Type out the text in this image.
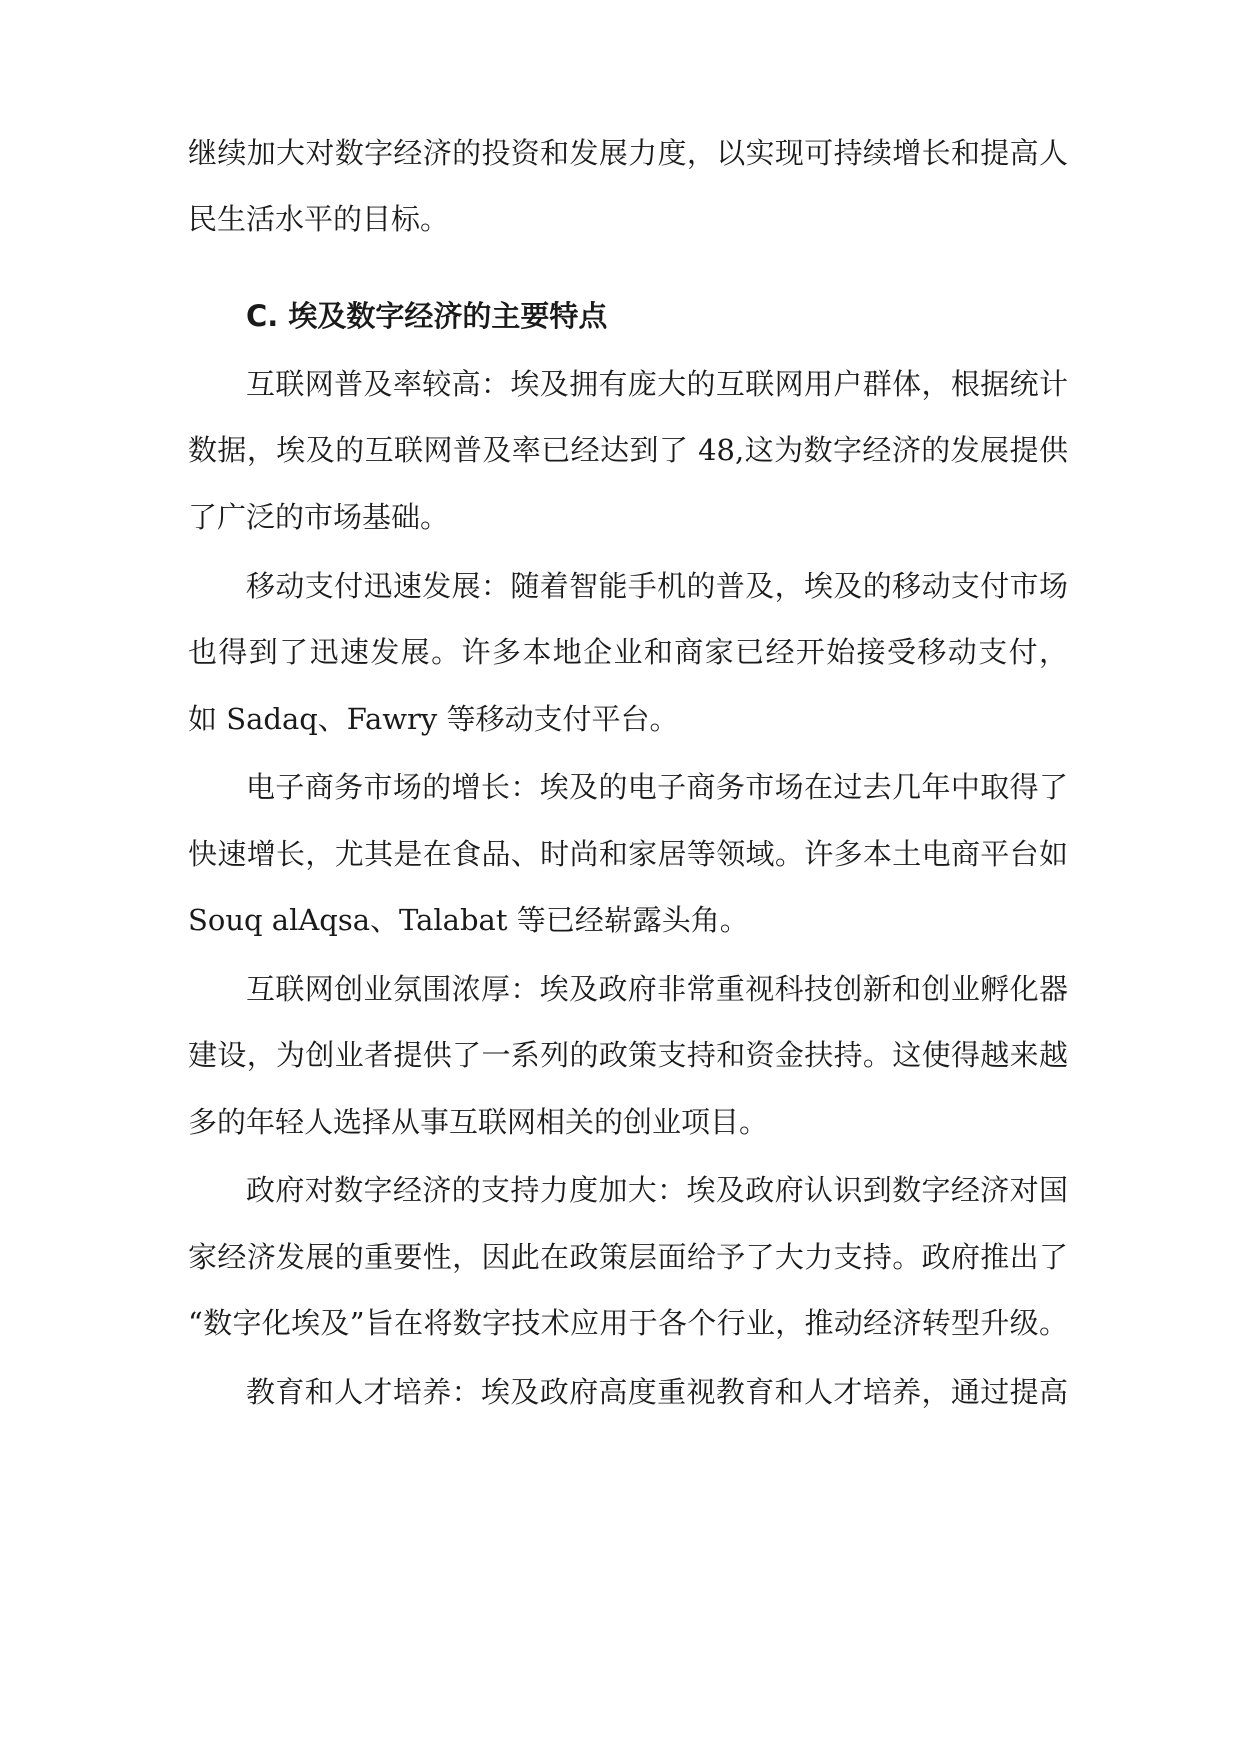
继续加大对数字经济的投资和发展力度，以实现可持续增长和提高人
民生活水平的目标。
C. 埃及数字经济的主要特点
互联网普及率较高：埃及拥有庞大的互联网用户群体，根据统计
数据，埃及的互联网普及率已经达到了 48,这为数字经济的发展提供
了广泛的市场基础。
移动支付迅速发展：随着智能手机的普及，埃及的移动支付市场
也得到了迅速发展。许多本地企业和商家已经开始接受移动支付，
如 Sadaq、Fawry 等移动支付平台。
电子商务市场的增长：埃及的电子商务市场在过去几年中取得了
快速增长，尤其是在食品、时尚和家居等领域。许多本土电商平台如
Souq alAqsa、Talabat 等已经崭露头角。
互联网创业氛围浓厚：埃及政府非常重视科技创新和创业孵化器
建设，为创业者提供了一系列的政策支持和资金扶持。这使得越来越
多的年轻人选择从事互联网相关的创业项目。
政府对数字经济的支持力度加大：埃及政府认识到数字经济对国
家经济发展的重要性，因此在政策层面给予了大力支持。政府推出了
“数字化埃及”旨在将数字技术应用于各个行业，推动经济转型升级。
教育和人才培养：埃及政府高度重视教育和人才培养，通过提高
